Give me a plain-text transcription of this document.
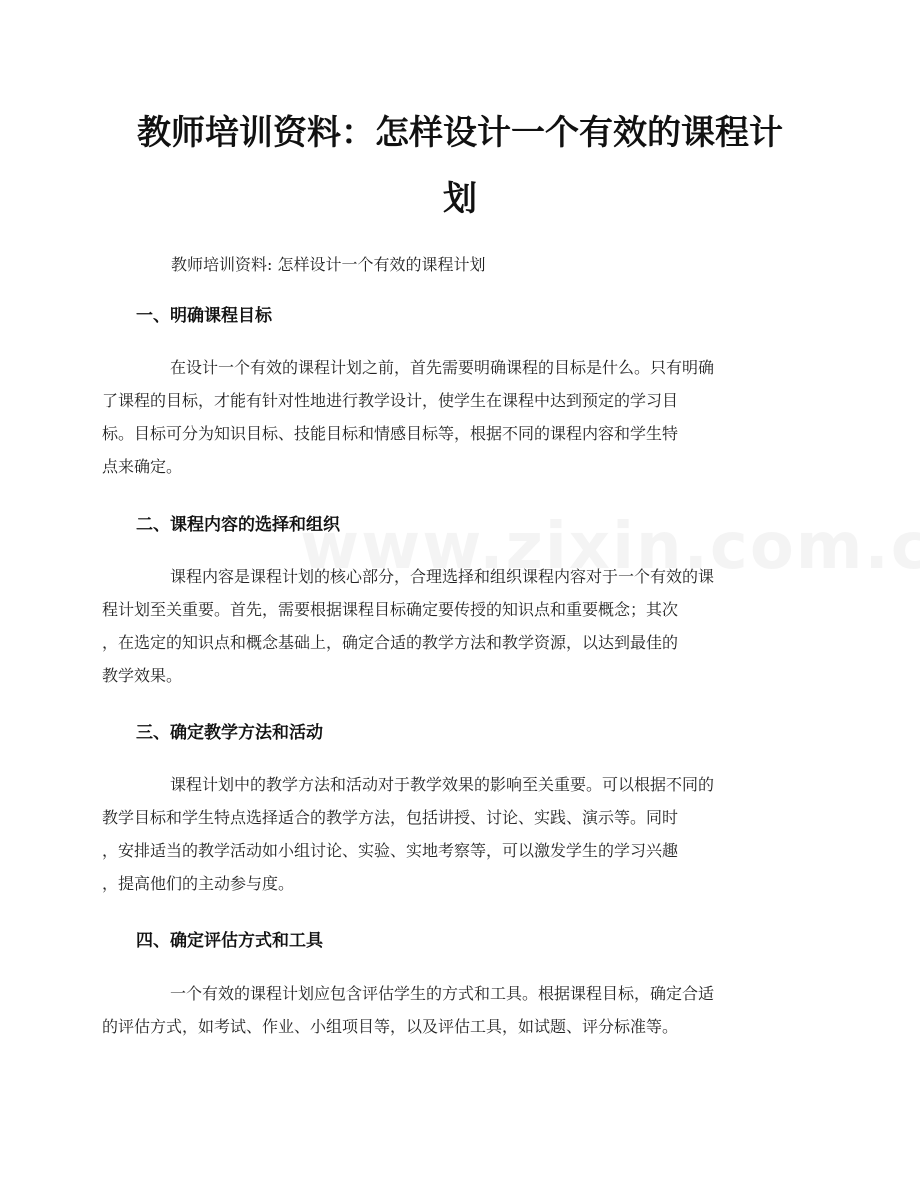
教师培训资料：怎样设计一个有效的课程计划

教师培训资料: 怎样设计一个有效的课程计划

一、明确课程目标

在设计一个有效的课程计划之前，首先需要明确课程的目标是什么。只有明确
了课程的目标，才能有针对性地进行教学设计，使学生在课程中达到预定的学习目
标。目标可分为知识目标、技能目标和情感目标等，根据不同的课程内容和学生特
点来确定。

二、课程内容的选择和组织

课程内容是课程计划的核心部分，合理选择和组织课程内容对于一个有效的课
程计划至关重要。首先，需要根据课程目标确定要传授的知识点和重要概念；其次
，在选定的知识点和概念基础上，确定合适的教学方法和教学资源，以达到最佳的
教学效果。

三、确定教学方法和活动

课程计划中的教学方法和活动对于教学效果的影响至关重要。可以根据不同的
教学目标和学生特点选择适合的教学方法，包括讲授、讨论、实践、演示等。同时
，安排适当的教学活动如小组讨论、实验、实地考察等，可以激发学生的学习兴趣
，提高他们的主动参与度。

四、确定评估方式和工具

一个有效的课程计划应包含评估学生的方式和工具。根据课程目标，确定合适
的评估方式，如考试、作业、小组项目等，以及评估工具，如试题、评分标准等。
